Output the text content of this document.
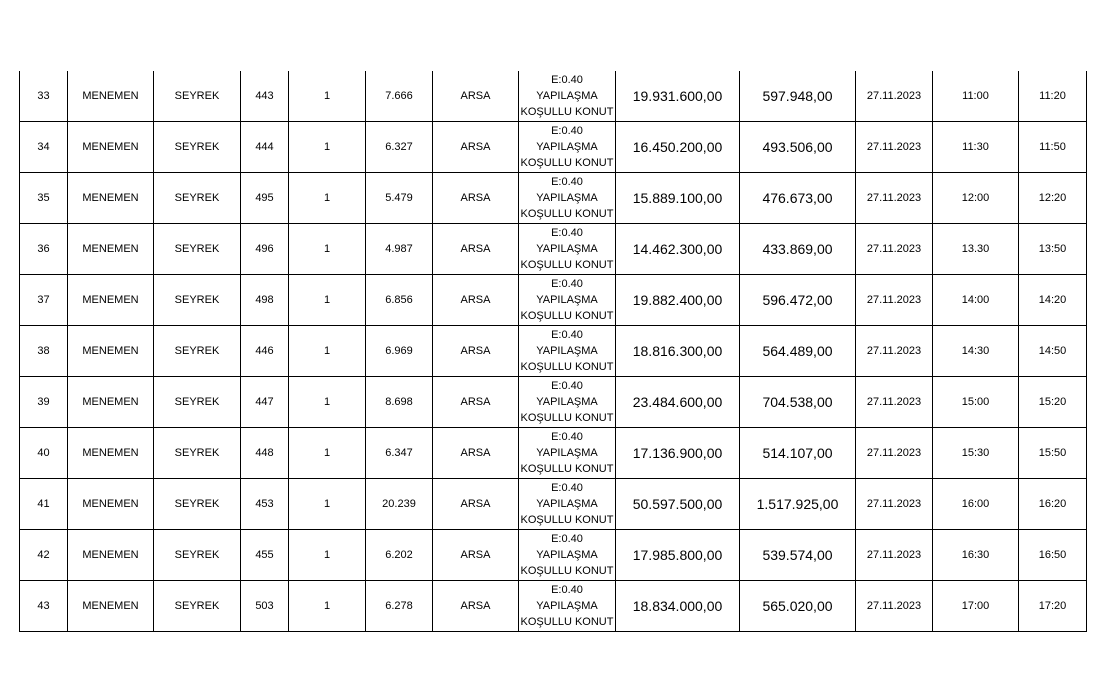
33	MENEMEN	SEYREK	443	1	7.666	ARSA	E:0.40
YAPILAŞMA
KOŞULLU KONUT	19.931.600,00	597.948,00	27.11.2023	11:00	11:20
34	MENEMEN	SEYREK	444	1	6.327	ARSA	E:0.40
YAPILAŞMA
KOŞULLU KONUT	16.450.200,00	493.506,00	27.11.2023	11:30	11:50
35	MENEMEN	SEYREK	495	1	5.479	ARSA	E:0.40
YAPILAŞMA
KOŞULLU KONUT	15.889.100,00	476.673,00	27.11.2023	12:00	12:20
36	MENEMEN	SEYREK	496	1	4.987	ARSA	E:0.40
YAPILAŞMA
KOŞULLU KONUT	14.462.300,00	433.869,00	27.11.2023	13.30	13:50
37	MENEMEN	SEYREK	498	1	6.856	ARSA	E:0.40
YAPILAŞMA
KOŞULLU KONUT	19.882.400,00	596.472,00	27.11.2023	14:00	14:20
38	MENEMEN	SEYREK	446	1	6.969	ARSA	E:0.40
YAPILAŞMA
KOŞULLU KONUT	18.816.300,00	564.489,00	27.11.2023	14:30	14:50
39	MENEMEN	SEYREK	447	1	8.698	ARSA	E:0.40
YAPILAŞMA
KOŞULLU KONUT	23.484.600,00	704.538,00	27.11.2023	15:00	15:20
40	MENEMEN	SEYREK	448	1	6.347	ARSA	E:0.40
YAPILAŞMA
KOŞULLU KONUT	17.136.900,00	514.107,00	27.11.2023	15:30	15:50
41	MENEMEN	SEYREK	453	1	20.239	ARSA	E:0.40
YAPILAŞMA
KOŞULLU KONUT	50.597.500,00	1.517.925,00	27.11.2023	16:00	16:20
42	MENEMEN	SEYREK	455	1	6.202	ARSA	E:0.40
YAPILAŞMA
KOŞULLU KONUT	17.985.800,00	539.574,00	27.11.2023	16:30	16:50
43	MENEMEN	SEYREK	503	1	6.278	ARSA	E:0.40
YAPILAŞMA
KOŞULLU KONUT	18.834.000,00	565.020,00	27.11.2023	17:00	17:20
